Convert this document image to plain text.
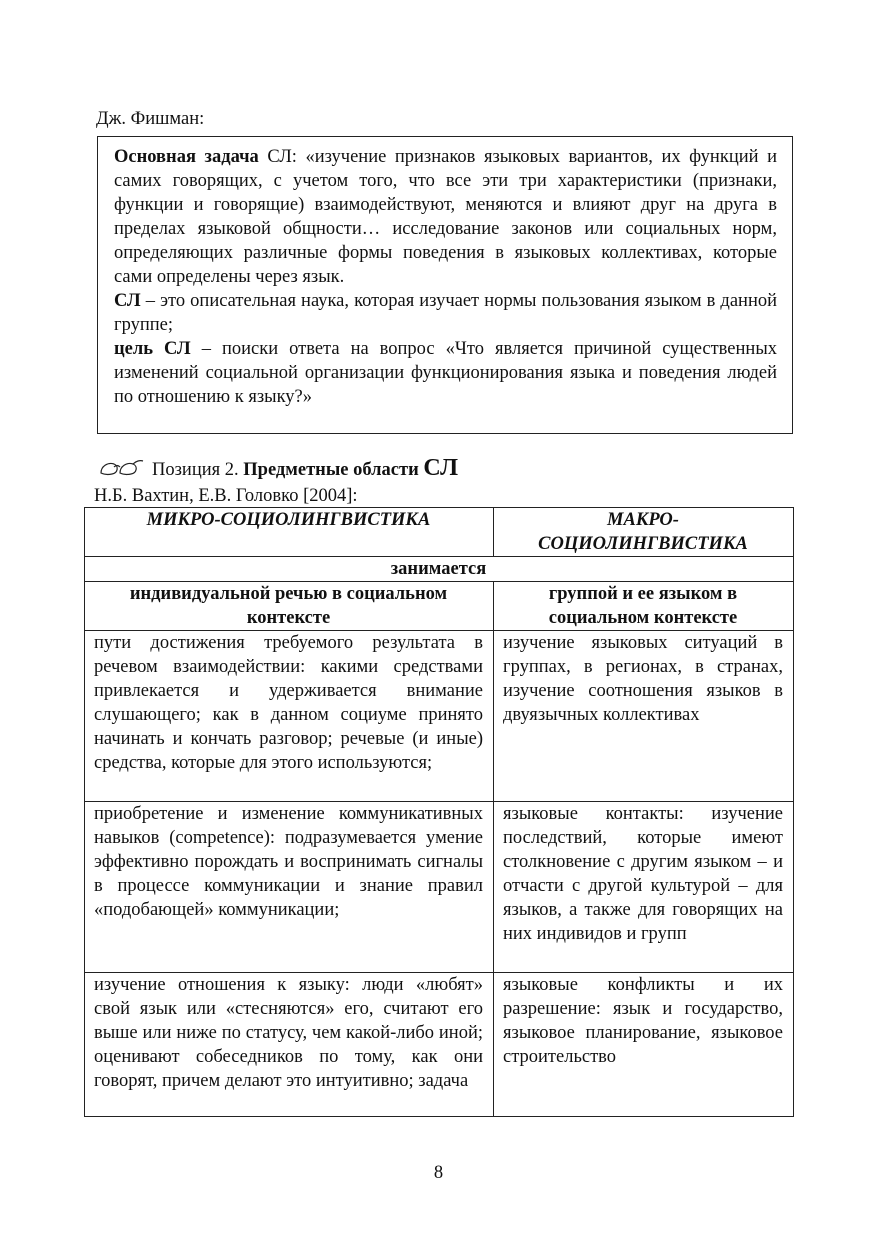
Дж. Фишман:

Основная задача СЛ: «изучение признаков языковых вариантов, их функций и самих говорящих, с учетом того, что все эти три характеристики (признаки, функции и говорящие) взаимодействуют, меняются и влияют друг на друга в пределах языковой общности… исследование законов или социальных норм, определяющих различные формы поведения в языковых коллективах, которые сами определены через язык.

СЛ – это описательная наука, которая изучает нормы пользования языком в данной группе;

цель СЛ – поиски ответа на вопрос «Что является причиной существенных изменений социальной организации функционирования языка и поведения людей по отношению к языку?»

Позиция 2. Предметные области СЛ
Н.Б. Вахтин, Е.В. Головко [2004]:
МИКРО-СОЦИОЛИНГВИСТИКА	МАКРО-СОЦИОЛИНГВИСТИКА
занимается	
индивидуальной речью в социальном контексте	группой и ее языком в социальном контексте
пути достижения требуемого результата в речевом взаимодействии: какими средствами привлекается и удерживается внимание слушающего; как в данном социуме принято начинать и кончать разговор; речевые (и иные) средства, которые для этого используются;	изучение языковых ситуаций в группах, в регионах, в странах, изучение соотношения языков в двуязычных коллективах
приобретение и изменение коммуникативных навыков (competence): подразумевается умение эффективно порождать и воспринимать сигналы в процессе коммуникации и знание правил «подобающей» коммуникации;	языковые контакты: изучение последствий, которые имеют столкновение с другим языком – и отчасти с другой культурой – для языков, а также для говорящих на них индивидов и групп

изучение отношения к языку: люди «любят» свой язык или «стесняются» его, считают его выше или ниже по статусу, чем какой-либо иной; оценивают собеседников по тому, как они говорят, причем делают это интуитивно; задача	языковые конфликты и их разрешение: язык и государство, языковое планирование, языковое строительство
8
